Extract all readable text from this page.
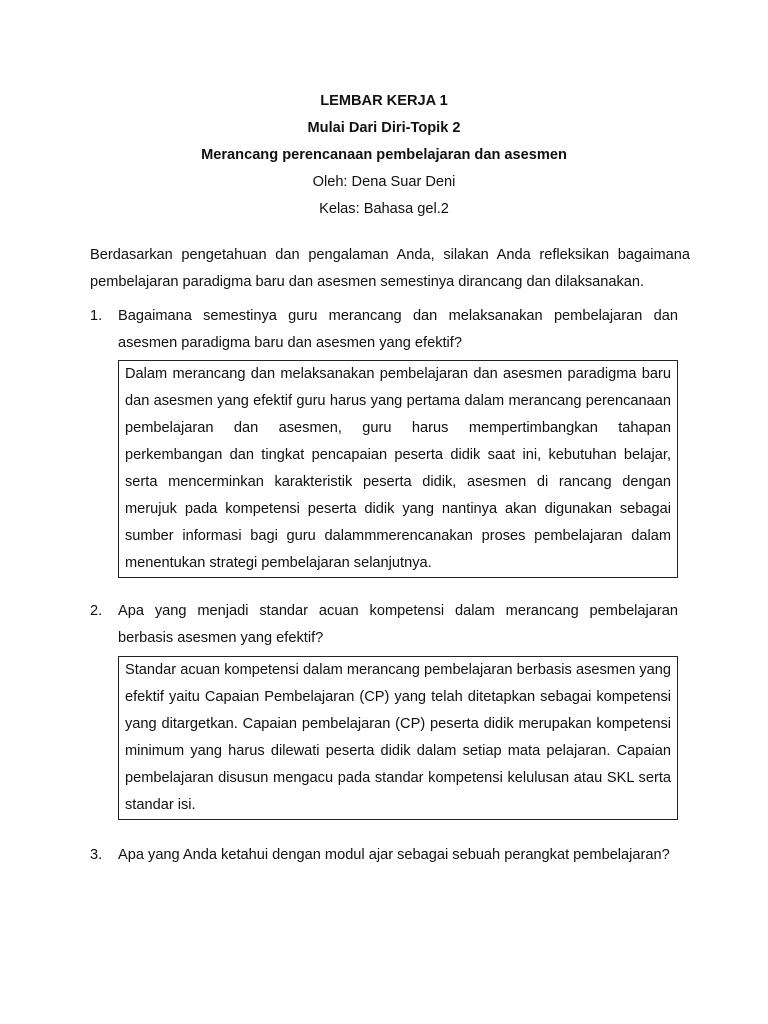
LEMBAR KERJA 1
Mulai Dari Diri-Topik 2
Merancang perencanaan pembelajaran dan asesmen
Oleh: Dena Suar Deni
Kelas: Bahasa gel.2
Berdasarkan pengetahuan dan pengalaman Anda, silakan Anda refleksikan bagaimana pembelajaran paradigma baru dan asesmen semestinya dirancang dan dilaksanakan.
1. Bagaimana semestinya guru merancang dan melaksanakan pembelajaran dan asesmen paradigma baru dan asesmen yang efektif?
Dalam merancang dan melaksanakan pembelajaran dan asesmen paradigma baru dan asesmen yang efektif guru harus yang pertama dalam merancang perencanaan pembelajaran dan asesmen, guru harus mempertimbangkan tahapan perkembangan dan tingkat pencapaian peserta didik saat ini, kebutuhan belajar, serta mencerminkan karakteristik peserta didik, asesmen di rancang dengan merujuk pada kompetensi peserta didik yang nantinya akan digunakan sebagai sumber informasi bagi guru dalammmerencanakan proses pembelajaran dalam menentukan strategi pembelajaran selanjutnya.
2. Apa yang menjadi standar acuan kompetensi dalam merancang pembelajaran berbasis asesmen yang efektif?
Standar acuan kompetensi dalam merancang pembelajaran berbasis asesmen yang efektif yaitu Capaian Pembelajaran (CP) yang telah ditetapkan sebagai kompetensi yang ditargetkan. Capaian pembelajaran (CP) peserta didik merupakan kompetensi minimum yang harus dilewati peserta didik dalam setiap mata pelajaran. Capaian pembelajaran disusun mengacu pada standar kompetensi kelulusan atau SKL serta standar isi.
3. Apa yang Anda ketahui dengan modul ajar sebagai sebuah perangkat pembelajaran?
